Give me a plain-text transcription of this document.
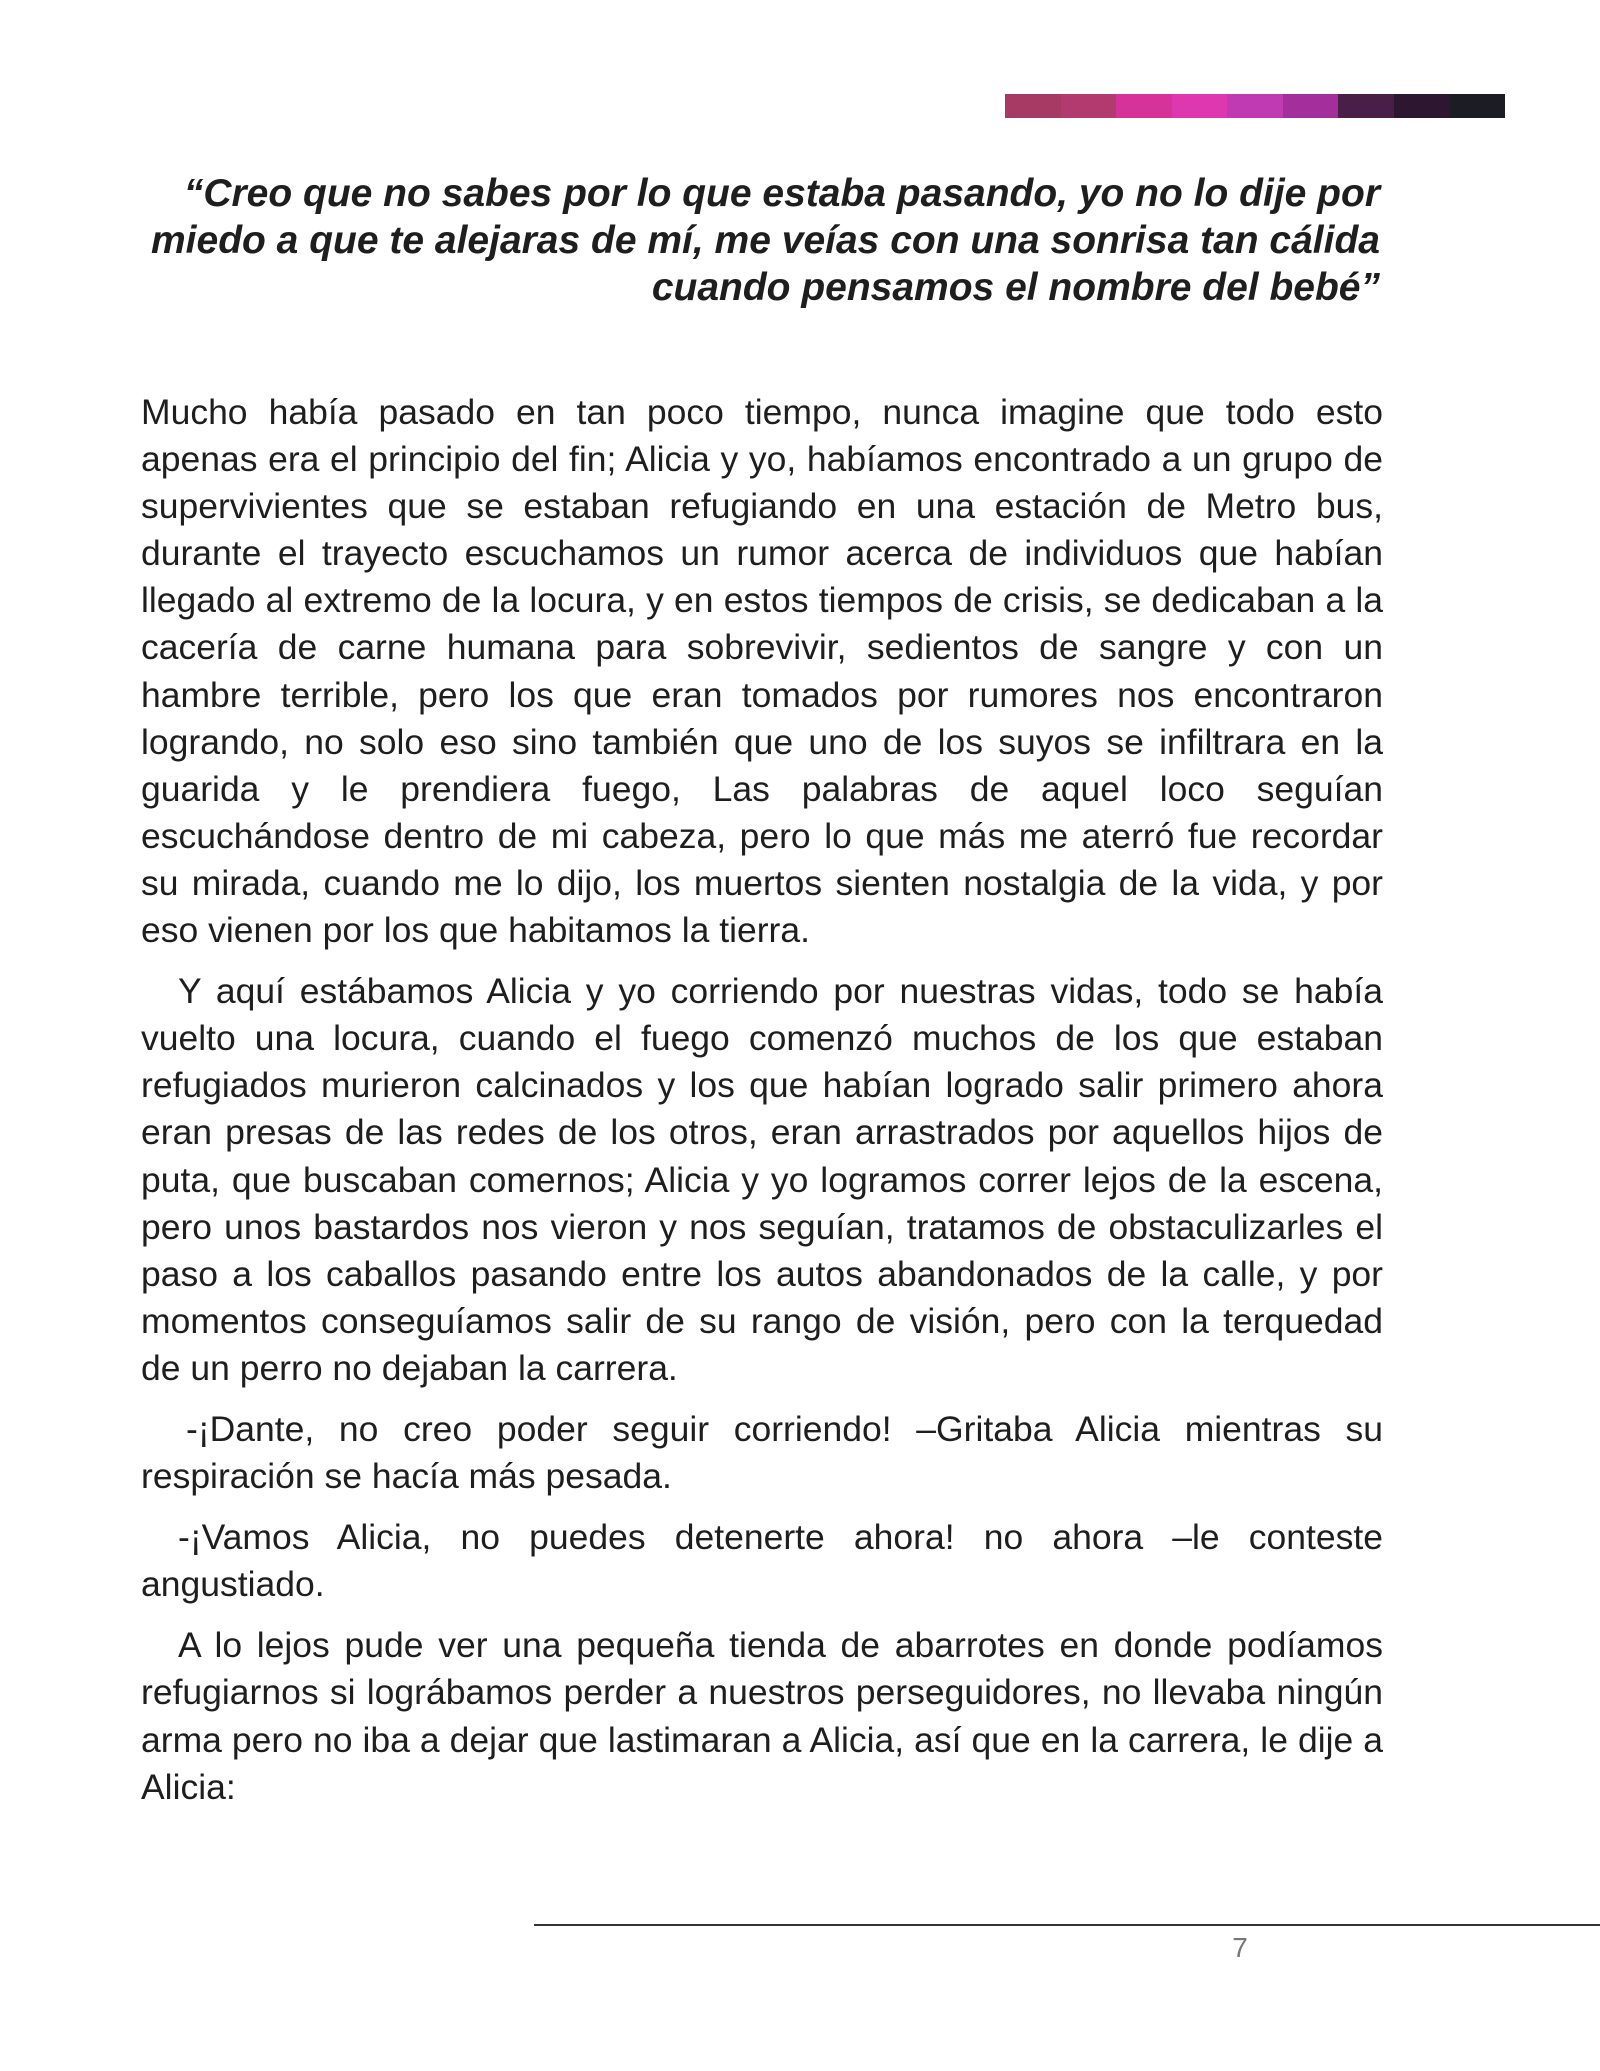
“Creo que no sabes por lo que estaba pasando, yo no lo dije por miedo a que te alejaras de mí, me veías con una sonrisa tan cálida cuando pensamos el nombre del bebé”

Mucho había pasado en tan poco tiempo, nunca imagine que todo esto apenas era el principio del fin; Alicia y yo, habíamos encontrado a un grupo de supervivientes que se estaban refugiando en una estación de Metro bus, durante el trayecto escuchamos un rumor acerca de individuos que habían llegado al extremo de la locura, y en estos tiempos de crisis, se dedicaban a la cacería de carne humana para sobrevivir, sedientos de sangre y con un hambre terrible, pero los que eran tomados por rumores nos encontraron logrando, no solo eso sino también que uno de los suyos se infiltrara en la guarida y le prendiera fuego, Las palabras de aquel loco seguían escuchándose dentro de mi cabeza, pero lo que más me aterró fue recordar su mirada, cuando me lo dijo, los muertos sienten nostalgia de la vida, y por eso vienen por los que habitamos la tierra.

Y aquí estábamos Alicia y yo corriendo por nuestras vidas, todo se había vuelto una locura, cuando el fuego comenzó muchos de los que estaban refugiados murieron calcinados y los que habían logrado salir primero ahora eran presas de las redes de los otros, eran arrastrados por aquellos hijos de puta, que buscaban comernos; Alicia y yo logramos correr lejos de la escena, pero unos bastardos nos vieron y nos seguían, tratamos de obstaculizarles el paso a los caballos pasando entre los autos abandonados de la calle, y por momentos conseguíamos salir de su rango de visión, pero con la terquedad de un perro no dejaban la carrera.

-¡Dante, no creo poder seguir corriendo! –Gritaba Alicia mientras su respiración se hacía más pesada.

-¡Vamos Alicia, no puedes detenerte ahora! no ahora –le conteste angustiado.

A lo lejos pude ver una pequeña tienda de abarrotes en donde podíamos refugiarnos si lográbamos perder a nuestros perseguidores, no llevaba ningún arma pero no iba a dejar que lastimaran a Alicia, así que en la carrera, le dije a Alicia:

7
